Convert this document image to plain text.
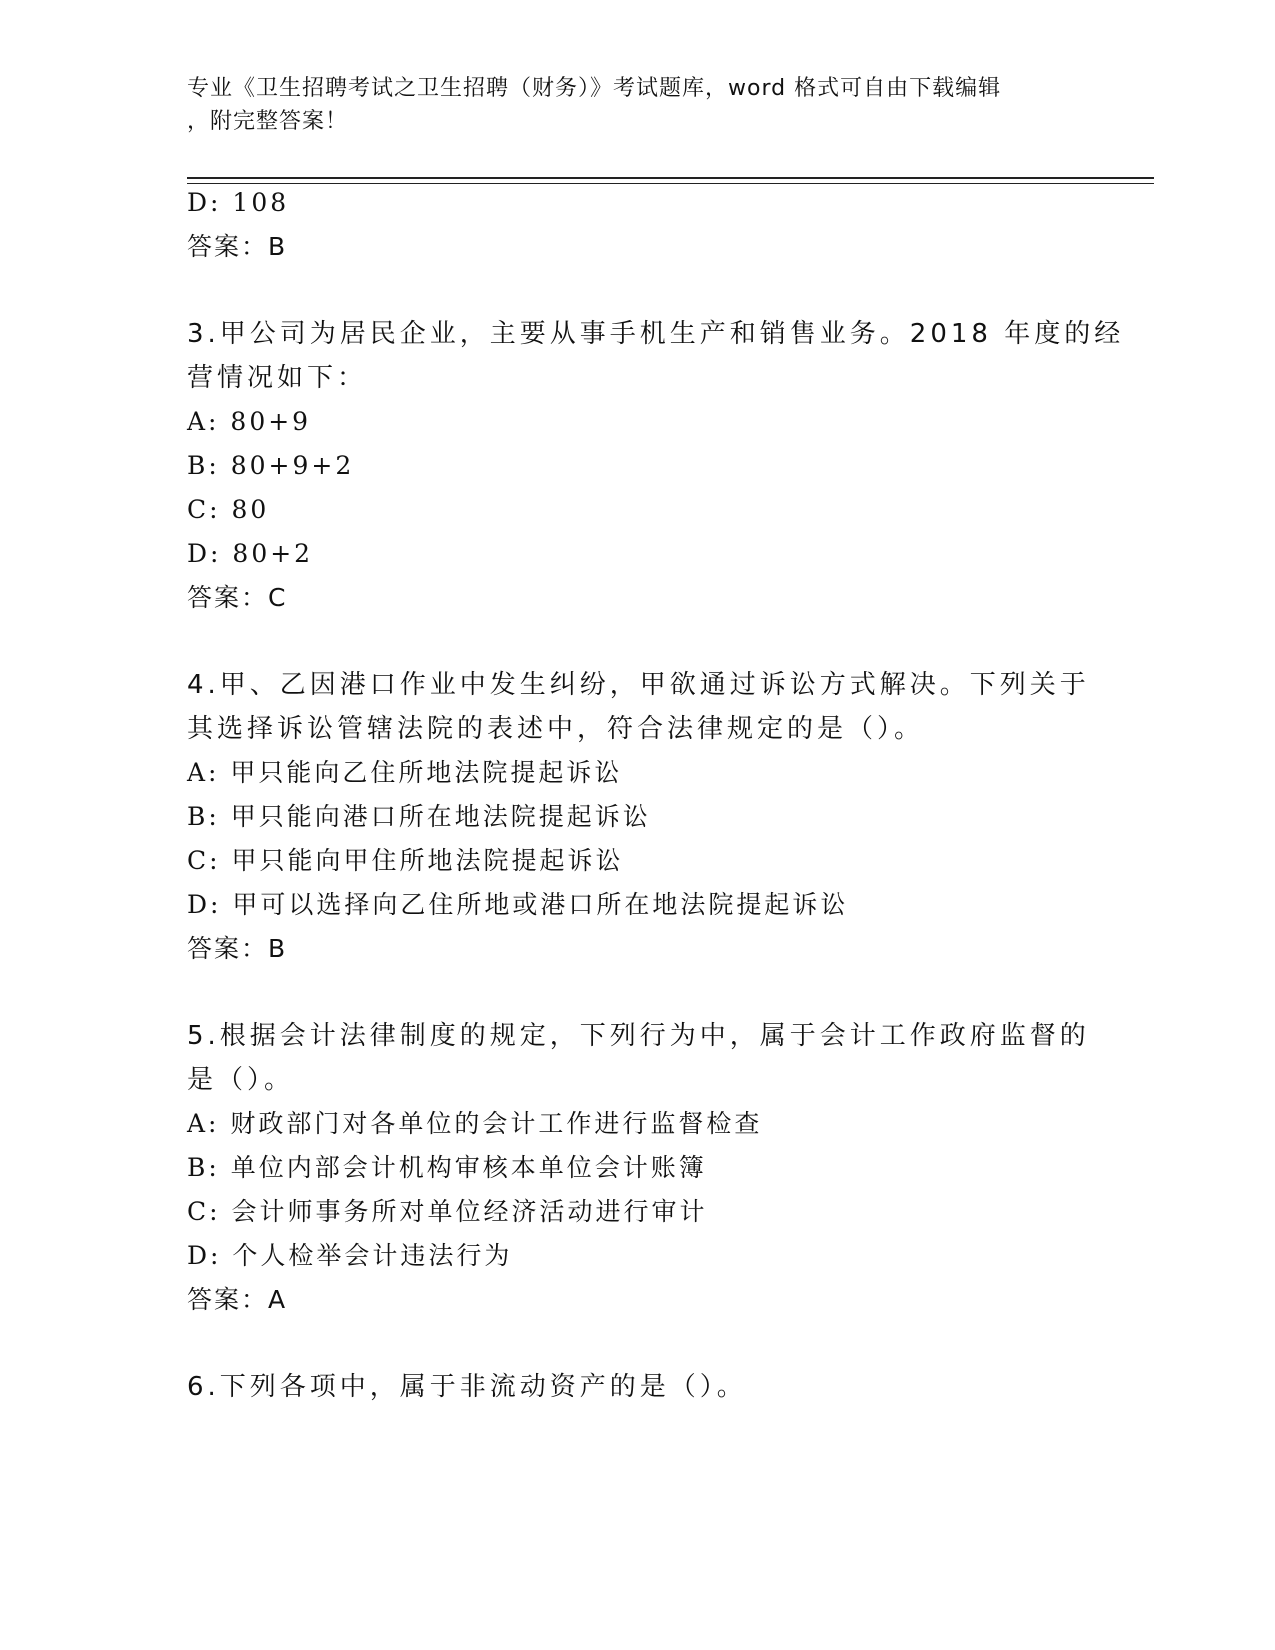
专业《卫生招聘考试之卫生招聘（财务）》考试题库，word 格式可自由下载编辑
，附完整答案！
D: 108
答案：B
3.甲公司为居民企业，主要从事手机生产和销售业务。2018 年度的经
营情况如下：
A: 80+9
B: 80+9+2
C: 80
D: 80+2
答案：C
4.甲、乙因港口作业中发生纠纷，甲欲通过诉讼方式解决。下列关于
其选择诉讼管辖法院的表述中，符合法律规定的是（）。
A: 甲只能向乙住所地法院提起诉讼
B: 甲只能向港口所在地法院提起诉讼
C: 甲只能向甲住所地法院提起诉讼
D: 甲可以选择向乙住所地或港口所在地法院提起诉讼
答案：B
5.根据会计法律制度的规定，下列行为中，属于会计工作政府监督的
是（）。
A: 财政部门对各单位的会计工作进行监督检查
B: 单位内部会计机构审核本单位会计账簿
C: 会计师事务所对单位经济活动进行审计
D: 个人检举会计违法行为
答案：A
6.下列各项中，属于非流动资产的是（）。
